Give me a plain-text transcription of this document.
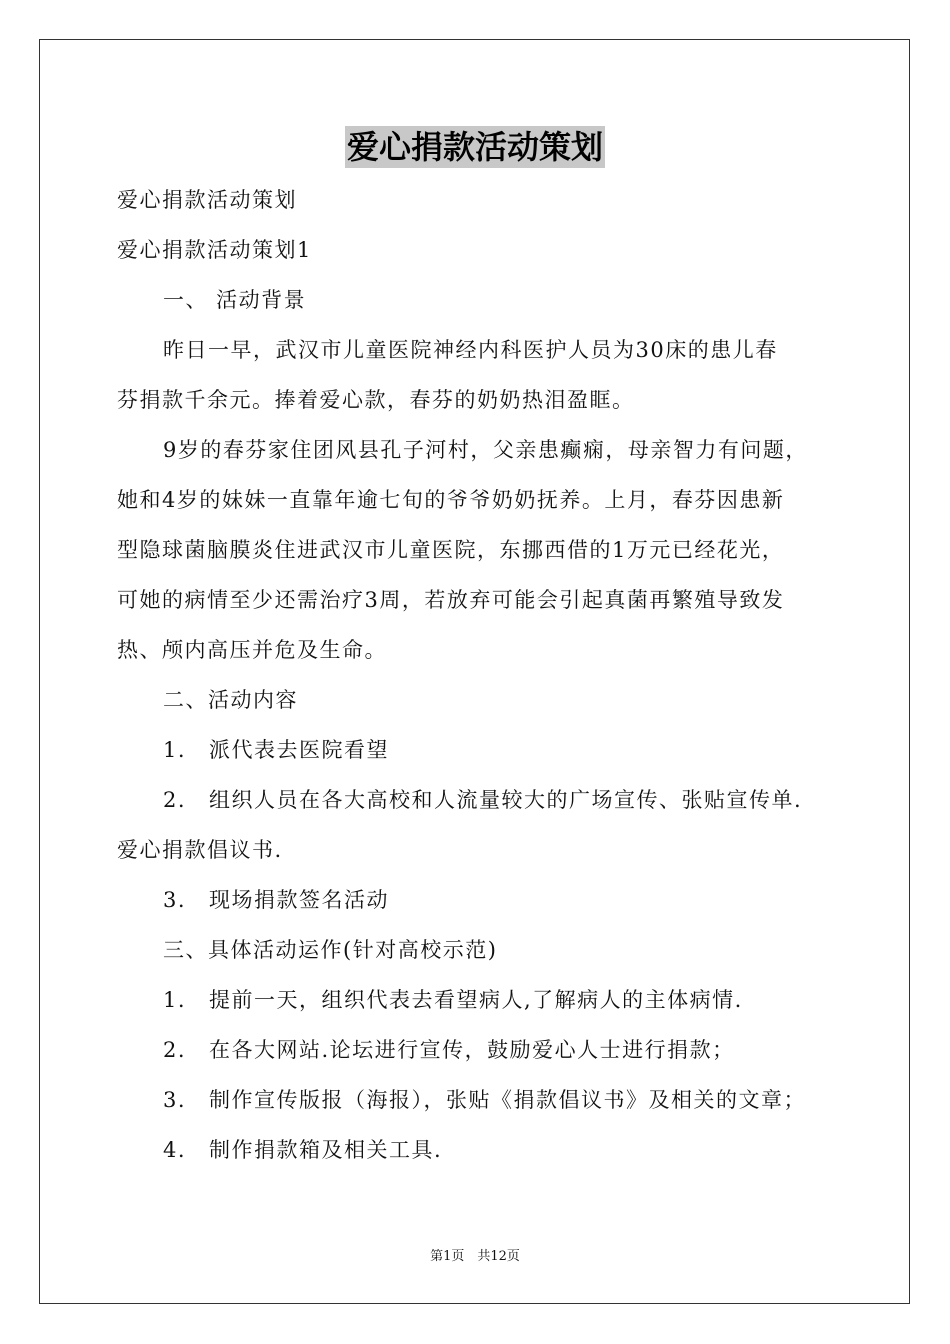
爱心捐款活动策划
爱心捐款活动策划
爱心捐款活动策划1
一、 活动背景
昨日一早，武汉市儿童医院神经内科医护人员为30床的患儿春
芬捐款千余元。捧着爱心款，春芬的奶奶热泪盈眶。
9岁的春芬家住团风县孔子河村，父亲患癫痫，母亲智力有问题，
她和4岁的妹妹一直靠年逾七旬的爷爷奶奶抚养。上月，春芬因患新
型隐球菌脑膜炎住进武汉市儿童医院，东挪西借的1万元已经花光，
可她的病情至少还需治疗3周，若放弃可能会引起真菌再繁殖导致发
热、颅内高压并危及生命。
二、活动内容
1. 派代表去医院看望
2. 组织人员在各大高校和人流量较大的广场宣传、张贴宣传单.
爱心捐款倡议书.
3. 现场捐款签名活动
三、具体活动运作(针对高校示范)
1. 提前一天，组织代表去看望病人,了解病人的主体病情.
2. 在各大网站.论坛进行宣传，鼓励爱心人士进行捐款；
3. 制作宣传版报（海报），张贴《捐款倡议书》及相关的文章；
4. 制作捐款箱及相关工具.
第1页　共12页
